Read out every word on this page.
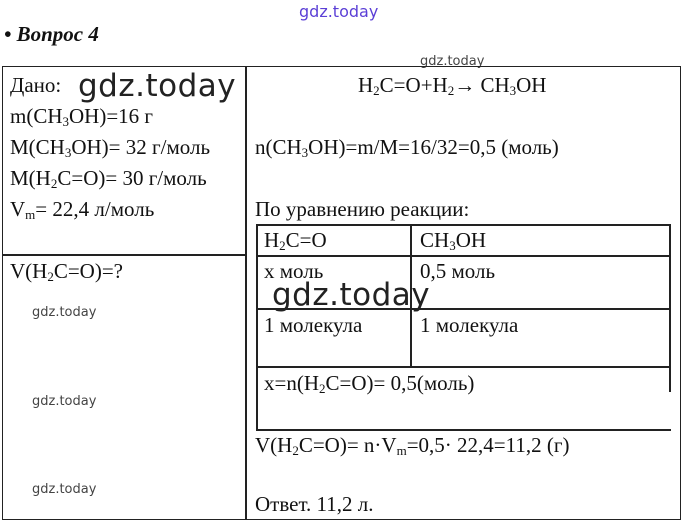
gdz.today
gdz.today
• Вопрос 4
Дано:
$m(CH_3OH)=16$ г
$M(CH_3OH)= 32$ г/моль
$M(H_2C=O)= 30$ г/моль
$V_m= 22,4$ л/моль
gdz.today
$V(H_2C=O)=$?
gdz.today
gdz.today
gdz.today
$H_2C=O+H_2\to CH_3OH$
$n(CH_3OH)=m/M=16/32=0,5$ (моль)
По уравнению реакции:
$H_2C=O$	$CH_3OH$
x моль	0,5 моль
1 молекула	1 молекула
$x=n(H_2C=O)=$ 0,5(моль)
gdz.today
$V(H_2C=O)= n\cdot V_m=0,5\cdot 22,4=11,2$ (г)
Ответ. 11,2 л.
